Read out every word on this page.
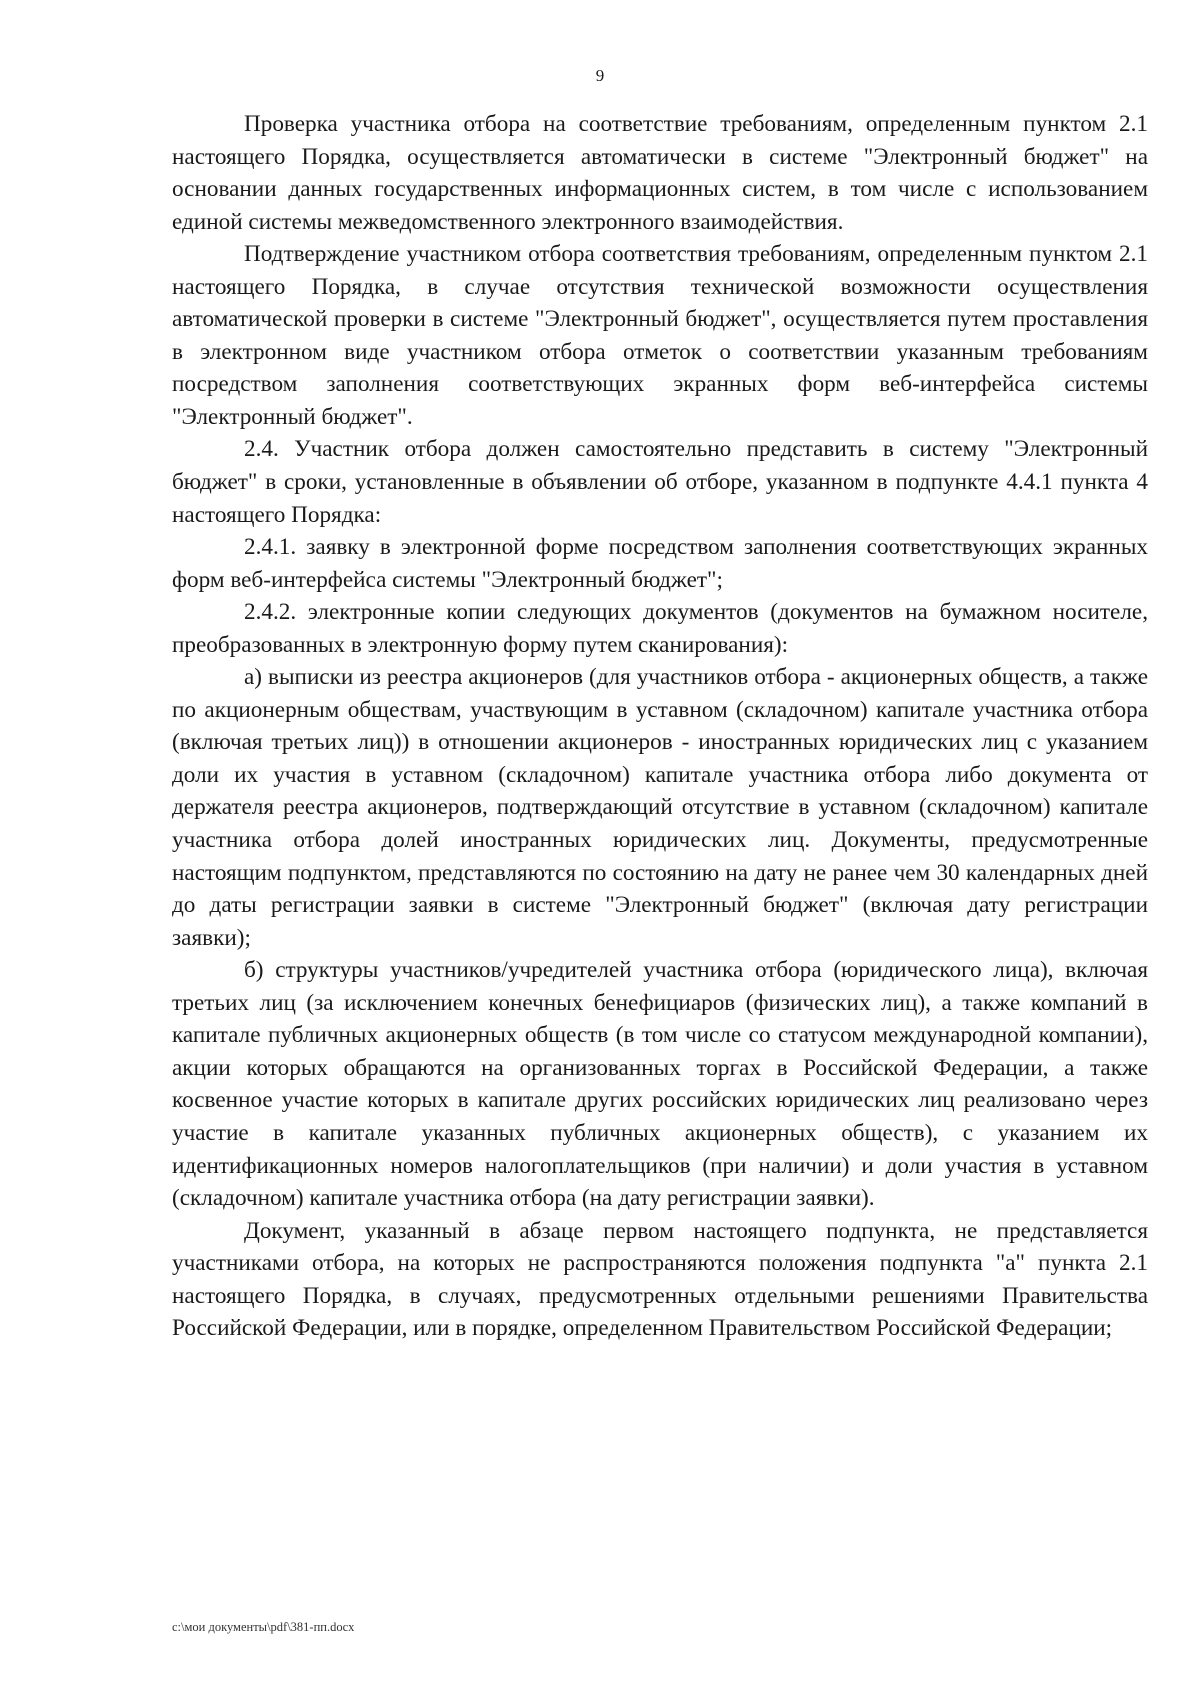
9

Проверка участника отбора на соответствие требованиям, определенным пунктом 2.1 настоящего Порядка, осуществляется автоматически в системе "Электронный бюджет" на основании данных государственных информационных систем, в том числе с использованием единой системы межведомственного электронного взаимодействия.

Подтверждение участником отбора соответствия требованиям, определенным пунктом 2.1 настоящего Порядка, в случае отсутствия технической возможности осуществления автоматической проверки в системе "Электронный бюджет", осуществляется путем проставления в электронном виде участником отбора отметок о соответствии указанным требованиям посредством заполнения соответствующих экранных форм веб-интерфейса системы "Электронный бюджет".

2.4. Участник отбора должен самостоятельно представить в систему "Электронный бюджет" в сроки, установленные в объявлении об отборе, указанном в подпункте 4.4.1 пункта 4 настоящего Порядка:

2.4.1. заявку в электронной форме посредством заполнения соответствующих экранных форм веб-интерфейса системы "Электронный бюджет";

2.4.2. электронные копии следующих документов (документов на бумажном носителе, преобразованных в электронную форму путем сканирования):

а) выписки из реестра акционеров (для участников отбора - акционерных обществ, а также по акционерным обществам, участвующим в уставном (складочном) капитале участника отбора (включая третьих лиц)) в отношении акционеров - иностранных юридических лиц с указанием доли их участия в уставном (складочном) капитале участника отбора либо документа от держателя реестра акционеров, подтверждающий отсутствие в уставном (складочном) капитале участника отбора долей иностранных юридических лиц. Документы, предусмотренные настоящим подпунктом, представляются по состоянию на дату не ранее чем 30 календарных дней до даты регистрации заявки в системе "Электронный бюджет" (включая дату регистрации заявки);

б) структуры участников/учредителей участника отбора (юридического лица), включая третьих лиц (за исключением конечных бенефициаров (физических лиц), а также компаний в капитале публичных акционерных обществ (в том числе со статусом международной компании), акции которых обращаются на организованных торгах в Российской Федерации, а также косвенное участие которых в капитале других российских юридических лиц реализовано через участие в капитале указанных публичных акционерных обществ), с указанием их идентификационных номеров налогоплательщиков (при наличии) и доли участия в уставном (складочном) капитале участника отбора (на дату регистрации заявки).

Документ, указанный в абзаце первом настоящего подпункта, не представляется участниками отбора, на которых не распространяются положения подпункта "а" пункта 2.1 настоящего Порядка, в случаях, предусмотренных отдельными решениями Правительства Российской Федерации, или в порядке, определенном Правительством Российской Федерации;

c:\мои документы\pdf\381-пп.docx
